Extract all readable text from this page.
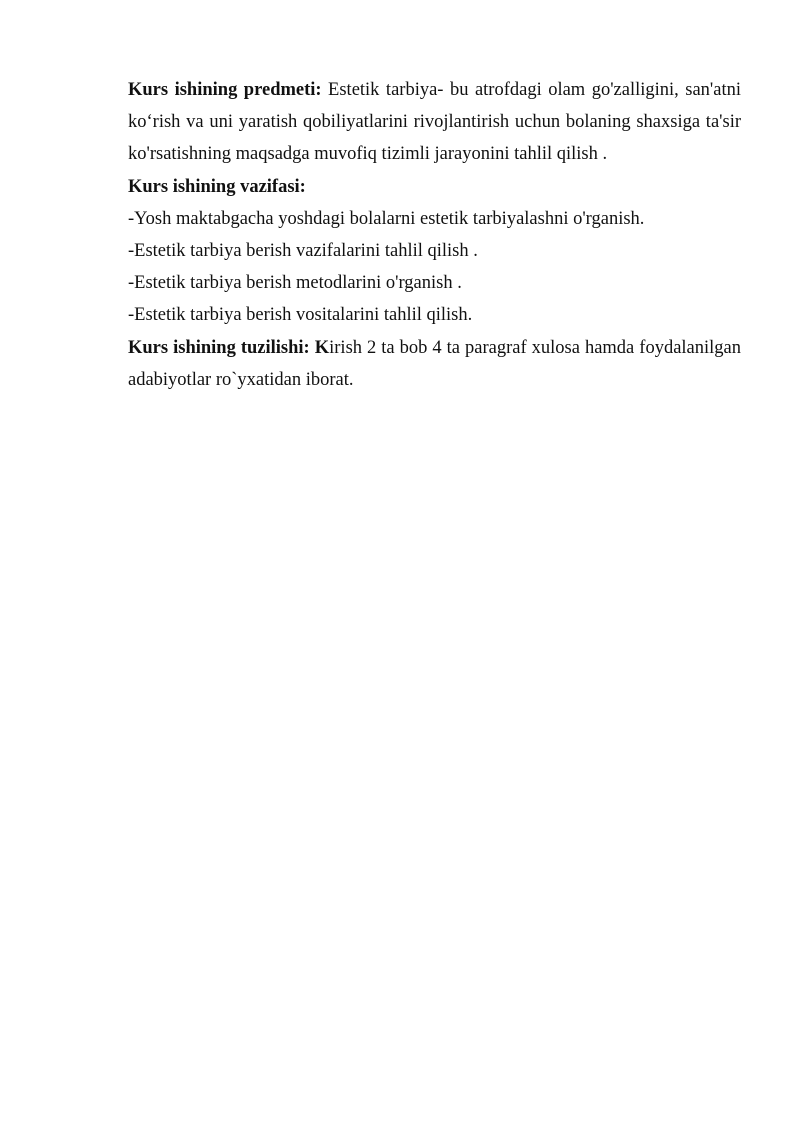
Kurs ishining predmeti: Estetik tarbiya- bu atrofdagi olam go'zalligini, san'atni ko‘rish va uni yaratish qobiliyatlarini rivojlantirish uchun bolaning shaxsiga ta'sir ko'rsatishning maqsadga muvofiq tizimli jarayonini tahlil qilish .

Kurs ishining vazifasi:

-Yosh maktabgacha yoshdagi bolalarni estetik tarbiyalashni o'rganish.

-Estetik tarbiya berish vazifalarini tahlil qilish .

-Estetik tarbiya berish metodlarini o'rganish .

-Estetik tarbiya berish vositalarini tahlil qilish.

Kurs ishining tuzilishi: Kirish 2 ta bob 4 ta paragraf xulosa hamda foydalanilgan adabiyotlar ro`yxatidan iborat.
